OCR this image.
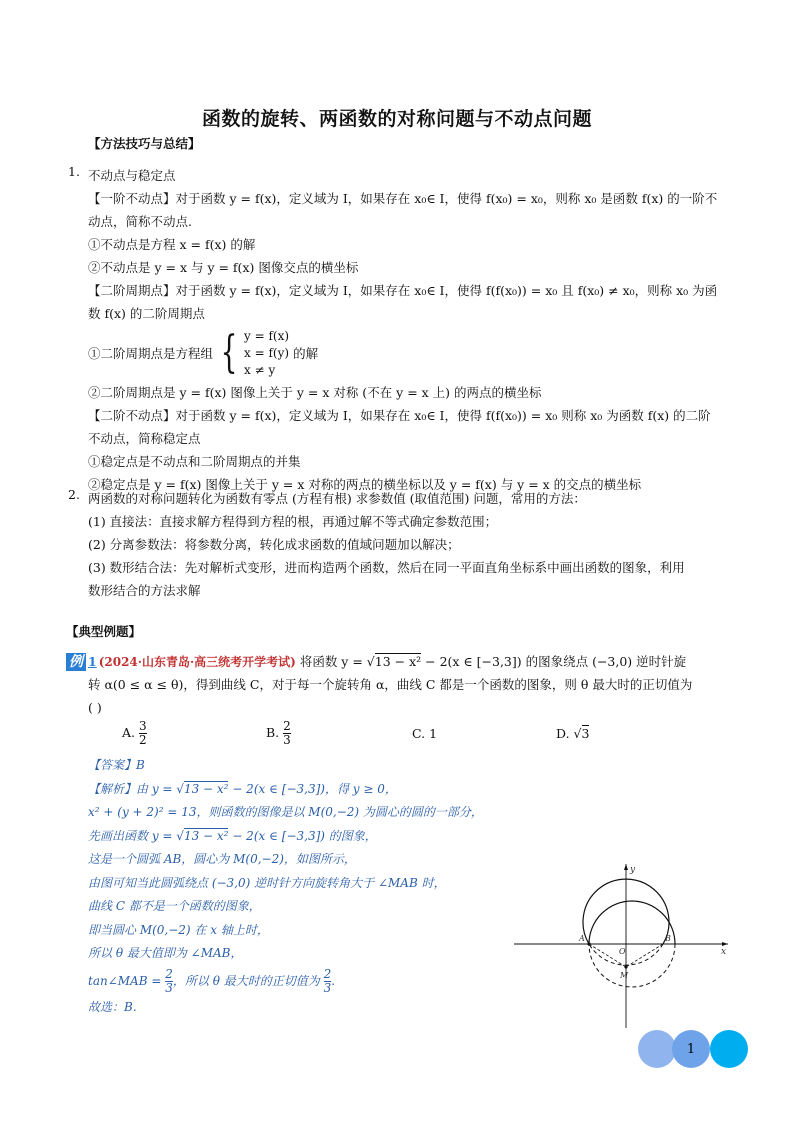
函数的旋转、两函数的对称问题与不动点问题
【方法技巧与总结】
1. 不动点与稳定点
【一阶不动点】对于函数 y = f(x)，定义域为 I，如果存在 x₀∈ I，使得 f(x₀) = x₀，则称 x₀ 是函数 f(x) 的一阶不
动点，简称不动点.
①不动点是方程 x = f(x) 的解
②不动点是 y = x 与 y = f(x) 图像交点的横坐标
【二阶周期点】对于函数 y = f(x)，定义域为 I，如果存在 x₀∈ I，使得 f(f(x₀)) = x₀ 且 f(x₀) ≠ x₀，则称 x₀ 为函
数 f(x) 的二阶周期点
①二阶周期点是方程组 { y = f(x)
x = f(y)
x ≠ y
的解
②二阶周期点是 y = f(x) 图像上关于 y = x 对称 (不在 y = x 上) 的两点的横坐标
【二阶不动点】对于函数 y = f(x)，定义域为 I，如果存在 x₀∈ I，使得 f(f(x₀)) = x₀ 则称 x₀ 为函数 f(x) 的二阶
不动点，简称稳定点
①稳定点是不动点和二阶周期点的并集
②稳定点是 y = f(x) 图像上关于 y = x 对称的两点的横坐标以及 y = f(x) 与 y = x 的交点的横坐标
2. 两函数的对称问题转化为函数有零点 (方程有根) 求参数值 (取值范围) 问题，常用的方法：
(1) 直接法：直接求解方程得到方程的根，再通过解不等式确定参数范围；
(2) 分离参数法：将参数分离，转化成求函数的值域问题加以解决；
(3) 数形结合法：先对解析式变形，进而构造两个函数，然后在同一平面直角坐标系中画出函数的图象，利用
数形结合的方法求解
【典型例题】
例 1 (2024·山东青岛·高三统考开学考试) 将函数 y = √13 − x² − 2(x ∈ [−3,3]) 的图象绕点 (−3,0) 逆时针旋
转 α(0 ≤ α ≤ θ)，得到曲线 C，对于每一个旋转角 α，曲线 C 都是一个函数的图象，则 θ 最大时的正切值为
( )
A. $\frac{3}{2}$	B. $\frac{2}{3}$	C. 1	D. √3
【答案】B
【解析】由 y = √13 − x² − 2(x ∈ [−3,3])，得 y ≥ 0，
x² + (y + 2)² = 13，则函数的图像是以 M(0,−2) 为圆心的圆的一部分，
先画出函数 y = √13 − x² − 2(x ∈ [−3,3]) 的图象，
这是一个圆弧 AB，圆心为 M(0,−2)，如图所示，
由图可知当此圆弧绕点 (−3,0) 逆时针方向旋转角大于 ∠MAB 时，
曲线 C 都不是一个函数的图象，
即当圆心 M(0,−2) 在 x 轴上时，
所以 θ 最大值即为 ∠MAB，
tan∠MAB = $\frac{2}{3}$ ，所以 θ 最大时的正切值为 $\frac{2}{3}$ .
故选：B.
x
y
A
O
B
M
1
